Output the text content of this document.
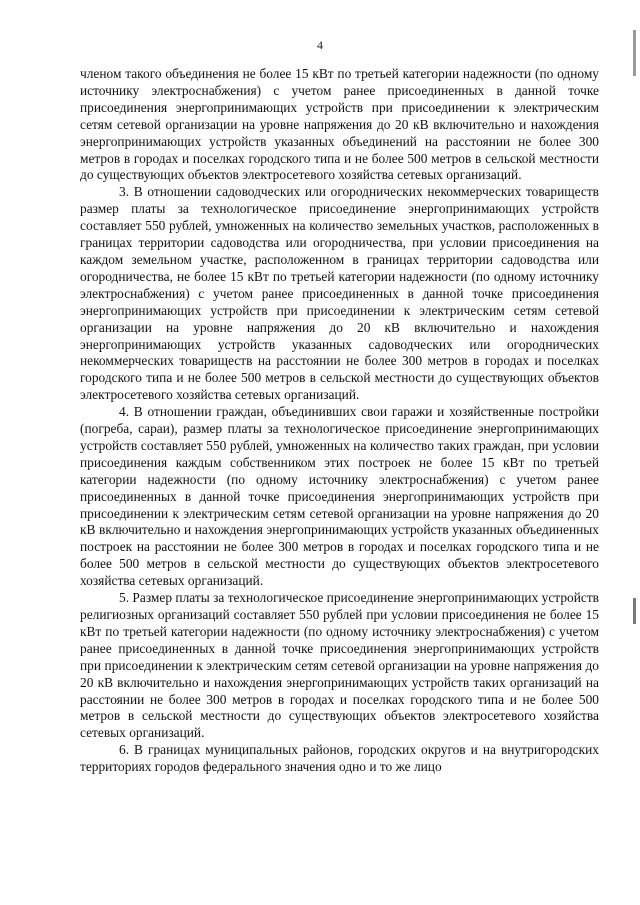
4

членом такого объединения не более 15 кВт по третьей категории надежности (по одному источнику электроснабжения) с учетом ранее присоединенных в данной точке присоединения энергопринимающих устройств при присоединении к электрическим сетям сетевой организации на уровне напряжения до 20 кВ включительно и нахождения энергопринимающих устройств указанных объединений на расстоянии не более 300 метров в городах и поселках городского типа и не более 500 метров в сельской местности до существующих объектов электросетевого хозяйства сетевых организаций.

3. В отношении садоводческих или огороднических некоммерческих товариществ размер платы за технологическое присоединение энергопринимающих устройств составляет 550 рублей, умноженных на количество земельных участков, расположенных в границах территории садоводства или огородничества, при условии присоединения на каждом земельном участке, расположенном в границах территории садоводства или огородничества, не более 15 кВт по третьей категории надежности (по одному источнику электроснабжения) с учетом ранее присоединенных в данной точке присоединения энергопринимающих устройств при присоединении к электрическим сетям сетевой организации на уровне напряжения до 20 кВ включительно и нахождения энергопринимающих устройств указанных садоводческих или огороднических некоммерческих товариществ на расстоянии не более 300 метров в городах и поселках городского типа и не более 500 метров в сельской местности до существующих объектов электросетевого хозяйства сетевых организаций.

4. В отношении граждан, объединивших свои гаражи и хозяйственные постройки (погреба, сараи), размер платы за технологическое присоединение энергопринимающих устройств составляет 550 рублей, умноженных на количество таких граждан, при условии присоединения каждым собственником этих построек не более 15 кВт по третьей категории надежности (по одному источнику электроснабжения) с учетом ранее присоединенных в данной точке присоединения энергопринимающих устройств при присоединении к электрическим сетям сетевой организации на уровне напряжения до 20 кВ включительно и нахождения энергопринимающих устройств указанных объединенных построек на расстоянии не более 300 метров в городах и поселках городского типа и не более 500 метров в сельской местности до существующих объектов электросетевого хозяйства сетевых организаций.

5. Размер платы за технологическое присоединение энергопринимающих устройств религиозных организаций составляет 550 рублей при условии присоединения не более 15 кВт по третьей категории надежности (по одному источнику электроснабжения) с учетом ранее присоединенных в данной точке присоединения энергопринимающих устройств при присоединении к электрическим сетям сетевой организации на уровне напряжения до 20 кВ включительно и нахождения энергопринимающих устройств таких организаций на расстоянии не более 300 метров в городах и поселках городского типа и не более 500 метров в сельской местности до существующих объектов электросетевого хозяйства сетевых организаций.

6. В границах муниципальных районов, городских округов и на внутригородских территориях городов федерального значения одно и то же лицо
